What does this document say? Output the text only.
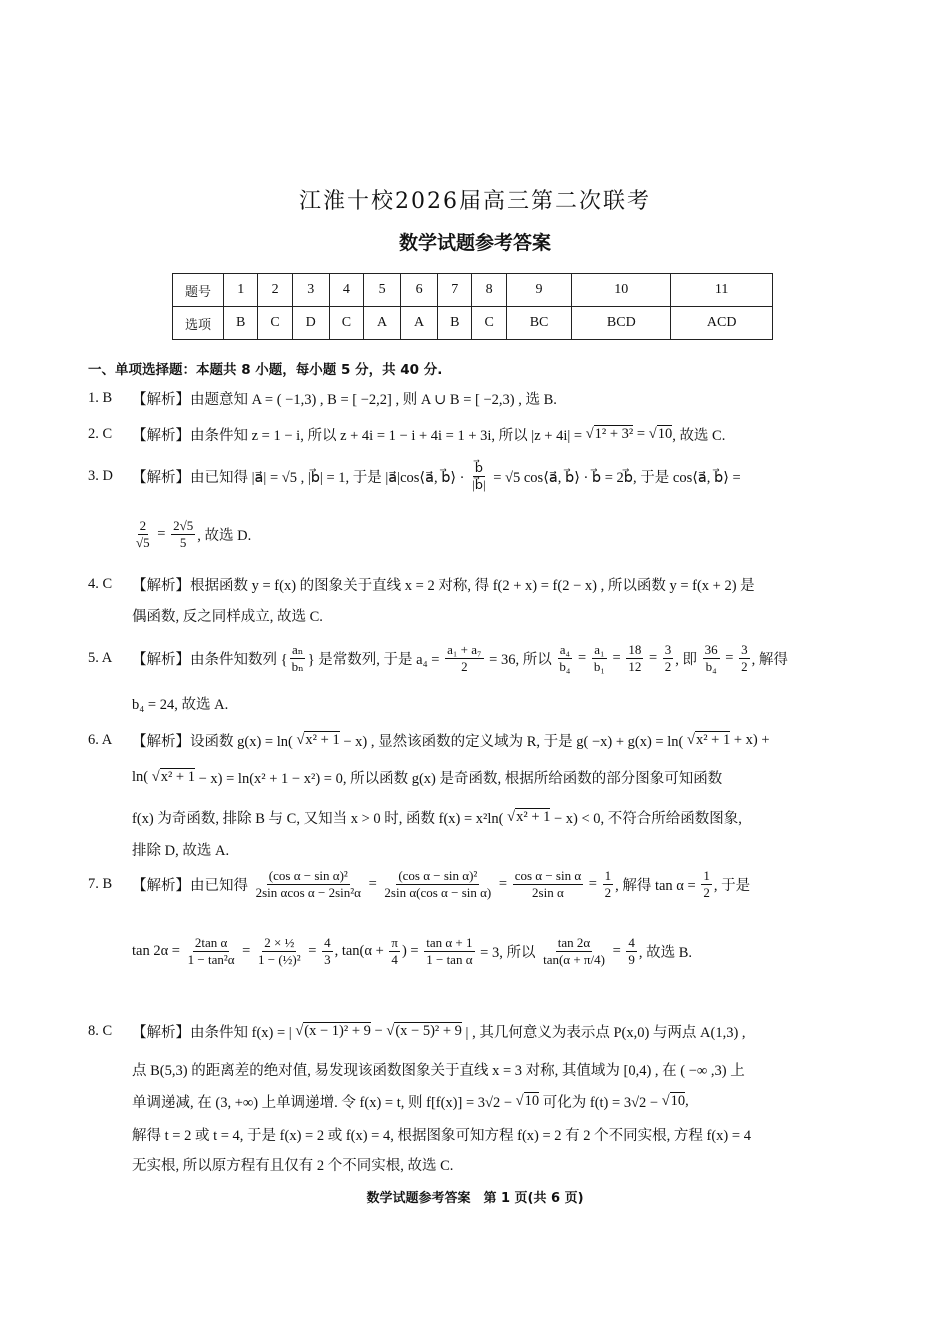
江淮十校2026届高三第二次联考
数学试题参考答案
题号	1	2	3	4	5	6	7	8	9	10	11
选项	B	C	D	C	A	A	B	C	BC	BCD	ACD
一、单项选择题：本题共 8 小题，每小题 5 分，共 40 分.
1. B	【解析】由题意知 A = ( −1,3) , B = [ −2,2] , 则 A ∪ B = [ −2,3) , 选 B.
2. C	【解析】由条件知 z = 1 − i, 所以 z + 4i = 1 − i + 4i = 1 + 3i, 所以 |z + 4i| = √1² + 3² = √10 , 故选 C.
3. D	【解析】由已知得 |a⃗| = √5 , |b⃗| = 1, 于是 |a⃗|cos⟨a⃗, b⃗⟩ · $\frac{b⃗}{|b⃗|} = √5$ cos⟨a⃗, b⃗⟩ · b⃗ = 2b⃗, 于是 cos⟨a⃗, b⃗⟩ =
$\frac{2}{√5} = \frac{2√5}{5}$ , 故选 D.
4. C	【解析】根据函数 y = f(x) 的图象关于直线 x = 2 对称, 得 f(2 + x) = f(2 − x) , 所以函数 y = f(x + 2) 是
偶函数, 反之同样成立, 故选 C.
5. A	【解析】由条件知数列 { $\frac{\text{aₙ}}{\text{bₙ}}$ } 是常数列, 于是 $a_4 = \frac{\text{a₁ + a₇}}{2} = 36$, 所以 $\frac{\text{a₄}}{\text{b₄}} = \frac{\text{a₁}}{\text{b₁}} = \frac{18}{12} = \frac{3}{2}$ , 即 $\frac{36}{\text{b₄}} = \frac{3}{2}$ , 解得
b₄ = 24, 故选 A.
6. A	【解析】设函数 g(x) = ln( √x² + 1 − x) , 显然该函数的定义域为 R, 于是 g( −x) + g(x) = ln( √x² + 1 + x) +
ln( √x² + 1 − x) = ln(x² + 1 − x²) = 0, 所以函数 g(x) 是奇函数, 根据所给函数的部分图象可知函数
f(x) 为奇函数, 排除 B 与 C, 又知当 x > 0 时, 函数 f(x) = x²ln( √x² + 1 − x) < 0, 不符合所给函数图象,
排除 D, 故选 A.
7. B	【解析】由已知得 $\frac{\text{(cos α − sin α)²}}{\text{2sin αcos α − 2sin²α}} = \frac{\text{(cos α − sin α)²}}{\text{2sin α(cos α − sin α)}} = \frac{\text{cos α − sin α}}{\text{2sin α}} = \frac{1}{2}$ , 解得 $\tan \alpha = \frac{1}{2}$ , 于是
$\tan 2\alpha = \frac{\text{2tan α}}{\text{1 − tan²α}} = \frac{\text{2 × ½}}{\text{1 − (½)²}} = \frac{4}{3}$ , $\tan(\alpha + \frac{\pi}{4}$ ) = $\frac{\text{tan α + 1}}{\text{1 − tan α}} = 3$, 所以 $\frac{\tan 2\alpha}{\tan(\alpha + \pi/4)} = \frac{4}{9}$ , 故选 B.
8. C	【解析】由条件知 f(x) = | √(x − 1)² + 9 − √(x − 5)² + 9 | , 其几何意义为表示点 P(x,0) 与两点 A(1,3) ,
点 B(5,3) 的距离差的绝对值, 易发现该函数图象关于直线 x = 3 对称, 其值域为 [0,4) , 在 ( −∞ ,3) 上
单调递减, 在 (3, +∞) 上单调递增. 令 f(x) = t, 则 f[f(x)] = 3√2 − √10 可化为 f(t) = 3√2 − √10 ,
解得 t = 2 或 t = 4, 于是 f(x) = 2 或 f(x) = 4, 根据图象可知方程 f(x) = 2 有 2 个不同实根, 方程 f(x) = 4
无实根, 所以原方程有且仅有 2 个不同实根, 故选 C.
数学试题参考答案　第 1 页(共 6 页)
